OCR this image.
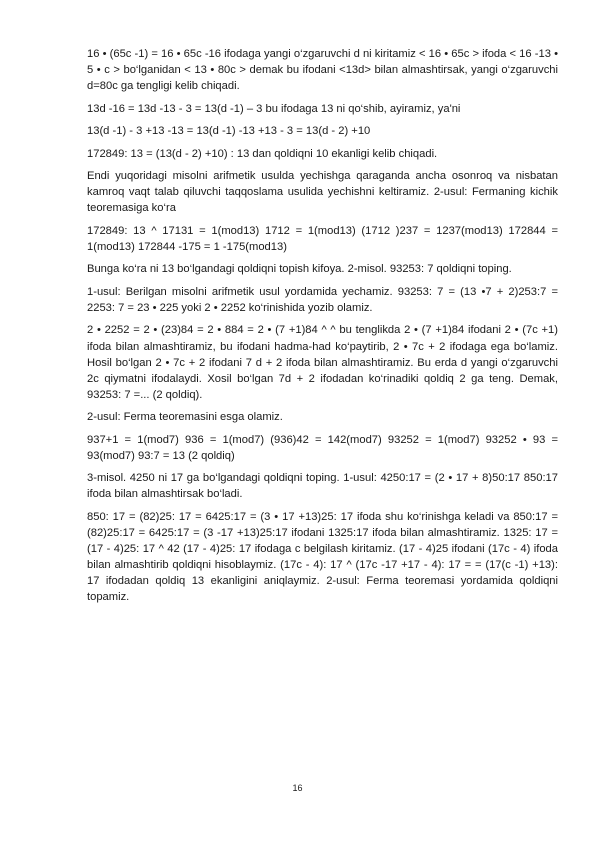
16 • (65c -1) = 16 • 65c -16 ifodaga yangi o‘zgaruvchi d ni kiritamiz < 16 • 65c > ifoda < 16 -13 • 5 • c > bo‘lganidan < 13 • 80c > demak bu ifodani <13d> bilan almashtirsak, yangi o‘zgaruvchi d=80c ga tengligi kelib chiqadi.

13d -16 = 13d -13 - 3 = 13(d -1) – 3 bu ifodaga 13 ni qo‘shib, ayiramiz, ya'ni

13(d -1) - 3 +13 -13 = 13(d -1) -13 +13 - 3 = 13(d - 2) +10

172849: 13 = (13(d - 2) +10) : 13 dan qoldiqni 10 ekanligi kelib chiqadi.

Endi yuqoridagi misolni arifmetik usulda yechishga qaraganda ancha osonroq va nisbatan kamroq vaqt talab qiluvchi taqqoslama usulida yechishni keltiramiz. 2-usul: Fermaning kichik teoremasiga ko‘ra

172849: 13 ^ 17131 = 1(mod13) 1712 = 1(mod13) (1712 )237 = 1237(mod13) 172844 = 1(mod13) 172844 -175 = 1 -175(mod13)

Bunga ko‘ra ni 13 bo‘lgandagi qoldiqni topish kifoya. 2-misol. 93253: 7 qoldiqni toping.

1-usul: Berilgan misolni arifmetik usul yordamida yechamiz. 93253: 7 = (13 •7 + 2)253:7 = 2253: 7 = 23 • 225 yoki 2 • 2252 ko‘rinishida yozib olamiz.

2 • 2252 = 2 • (23)84 = 2 • 884 = 2 • (7 +1)84 ^ ^ bu tenglikda 2 • (7 +1)84 ifodani 2 • (7c +1) ifoda bilan almashtiramiz, bu ifodani hadma-had ko‘paytirib, 2 • 7c + 2 ifodaga ega bo‘lamiz. Hosil bo‘lgan 2 • 7c + 2 ifodani 7 d + 2 ifoda bilan almashtiramiz. Bu erda d yangi o‘zgaruvchi 2c qiymatni ifodalaydi. Xosil bo‘lgan 7d + 2 ifodadan ko‘rinadiki qoldiq 2 ga teng. Demak, 93253: 7 =... (2 qoldiq).

2-usul: Ferma teoremasini esga olamiz.

937+1 = 1(mod7) 936 = 1(mod7) (936)42 = 142(mod7) 93252 = 1(mod7) 93252 • 93 = 93(mod7) 93:7 = 13 (2 qoldiq)

3-misol. 4250 ni 17 ga bo‘lgandagi qoldiqni toping. 1-usul: 4250:17 = (2 • 17 + 8)50:17 850:17 ifoda bilan almashtirsak bo‘ladi.

850: 17 = (82)25: 17 = 6425:17 = (3 • 17 +13)25: 17 ifoda shu ko‘rinishga keladi va 850:17 = (82)25:17 = 6425:17 = (3 -17 +13)25:17 ifodani 1325:17 ifoda bilan almashtiramiz. 1325: 17 = (17 - 4)25: 17 ^ 42 (17 - 4)25: 17 ifodaga c belgilash kiritamiz. (17 - 4)25 ifodani (17c - 4) ifoda bilan almashtirib qoldiqni hisoblaymiz. (17c - 4): 17 ^ (17c -17 +17 - 4): 17 = = (17(c -1) +13): 17 ifodadan qoldiq 13 ekanligini aniqlaymiz. 2-usul: Ferma teoremasi yordamida qoldiqni topamiz.

16
